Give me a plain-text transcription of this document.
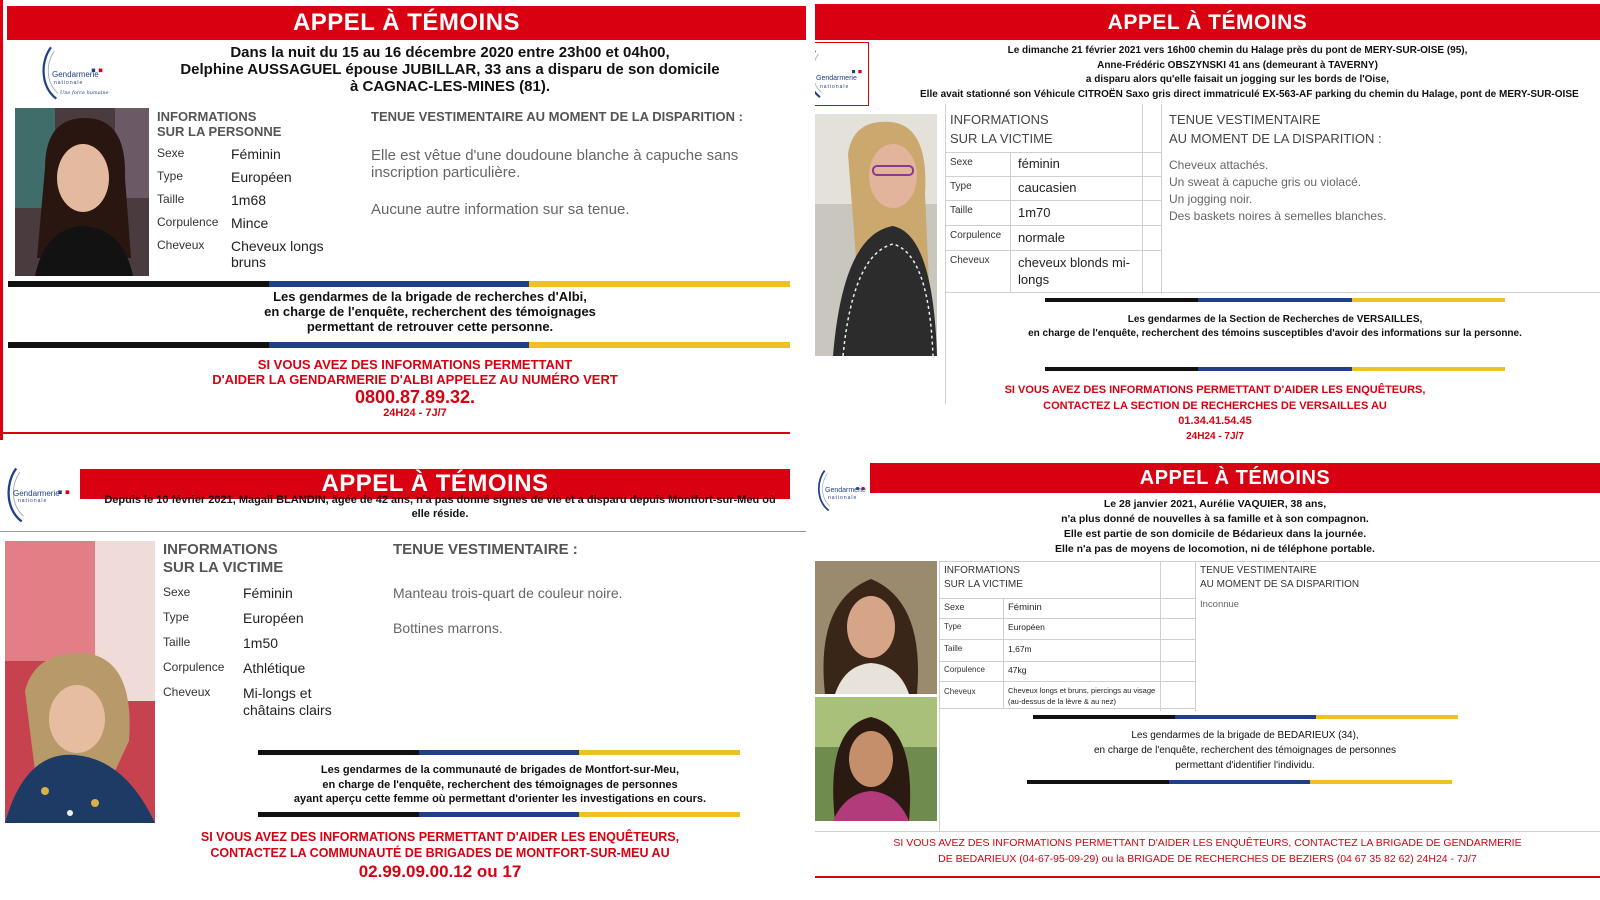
APPEL À TÉMOINS
Gendarmerie
nationale
Une force humaine
Dans la nuit du 15 au 16 décembre 2020 entre 23h00 et 04h00,
Delphine AUSSAGUEL épouse JUBILLAR, 33 ans a disparu de son domicile
à CAGNAC-LES-MINES (81).
INFORMATIONS
SUR LA PERSONNE
Sexe	Féminin
Type	Européen
Taille	1m68
Corpulence Mince
Cheveux Cheveux longs bruns
TENUE VESTIMENTAIRE AU MOMENT DE LA DISPARITION :
Elle est vêtue d'une doudoune blanche à capuche sans inscription particulière.
Aucune autre information sur sa tenue.
Les gendarmes de la brigade de recherches d'Albi,
en charge de l'enquête, recherchent des témoignages
permettant de retrouver cette personne.
SI VOUS AVEZ DES INFORMATIONS PERMETTANT
D'AIDER LA GENDARMERIE D'ALBI APPELEZ AU NUMÉRO VERT
0800.87.89.32.
24H24 - 7J/7
APPEL À TÉMOINS
Gendarmerie
nationale
Le dimanche 21 février 2021 vers 16h00 chemin du Halage près du pont de MERY-SUR-OISE (95),
Anne-Frédéric OBSZYNSKI 41 ans (demeurant à TAVERNY)
a disparu alors qu'elle faisait un jogging sur les bords de l'Oise,
Elle avait stationné son Véhicule CITROËN Saxo gris direct immatriculé EX-563-AF parking du chemin du Halage, pont de MERY-SUR-OISE
INFORMATIONS
SUR LA VICTIME
Sexe	féminin
Type	caucasien
Taille	1m70
Corpulence normale
Cheveux cheveux blonds mi-longs
TENUE VESTIMENTAIRE
AU MOMENT DE LA DISPARITION :
Cheveux attachés.
Un sweat à capuche gris ou violacé.
Un jogging noir.
Des baskets noires à semelles blanches.
Les gendarmes de la Section de Recherches de VERSAILLES,
en charge de l'enquête, recherchent des témoins susceptibles d'avoir des informations sur la personne.
SI VOUS AVEZ DES INFORMATIONS PERMETTANT D'AIDER LES ENQUÊTEURS,
CONTACTEZ LA SECTION DE RECHERCHES DE VERSAILLES AU
01.34.41.54.45
24H24 - 7J/7
APPEL À TÉMOINS
Gendarmerie
nationale	Depuis le 10 février 2021, Magali BLANDIN, âgée de 42 ans, n'a pas donné signes de vie et a disparu depuis Montfort-sur-Meu où
elle réside.
INFORMATIONS
SUR LA VICTIME
Sexe	Féminin
Type	Européen
Taille	1m50
Corpulence Athlétique
Cheveux Mi-longs et châtains clairs
TENUE VESTIMENTAIRE :
Manteau trois-quart de couleur noire.
Bottines marrons.
Les gendarmes de la communauté de brigades de Montfort-sur-Meu,
en charge de l'enquête, recherchent des témoignages de personnes
ayant aperçu cette femme où permettant d'orienter les investigations en cours.
SI VOUS AVEZ DES INFORMATIONS PERMETTANT D'AIDER LES ENQUÊTEURS,
CONTACTEZ LA COMMUNAUTÉ DE BRIGADES DE MONTFORT-SUR-MEU AU
02.99.09.00.12 ou 17
APPEL À TÉMOINS
Gendarmerie
nationale	Le 28 janvier 2021, Aurélie VAQUIER, 38 ans,
n'a plus donné de nouvelles à sa famille et à son compagnon.
Elle est partie de son domicile de Bédarieux dans la journée.
Elle n'a pas de moyens de locomotion, ni de téléphone portable.
INFORMATIONS
SUR LA VICTIME
Sexe	Féminin
Type	Européen
Taille	1,67m
Corpulence	47kg
Cheveux	Cheveux longs et bruns, piercings au visage (au-dessus de la lèvre & au nez)
TENUE VESTIMENTAIRE
AU MOMENT DE SA DISPARITION
Inconnue
Les gendarmes de la brigade de BEDARIEUX (34),
en charge de l'enquête, recherchent des témoignages de personnes
permettant d'identifier l'individu.
SI VOUS AVEZ DES INFORMATIONS PERMETTANT D'AIDER LES ENQUÊTEURS, CONTACTEZ LA BRIGADE DE GENDARMERIE
DE BEDARIEUX (04-67-95-09-29) ou la BRIGADE DE RECHERCHES DE BEZIERS (04 67 35 82 62) 24H24 - 7J/7
